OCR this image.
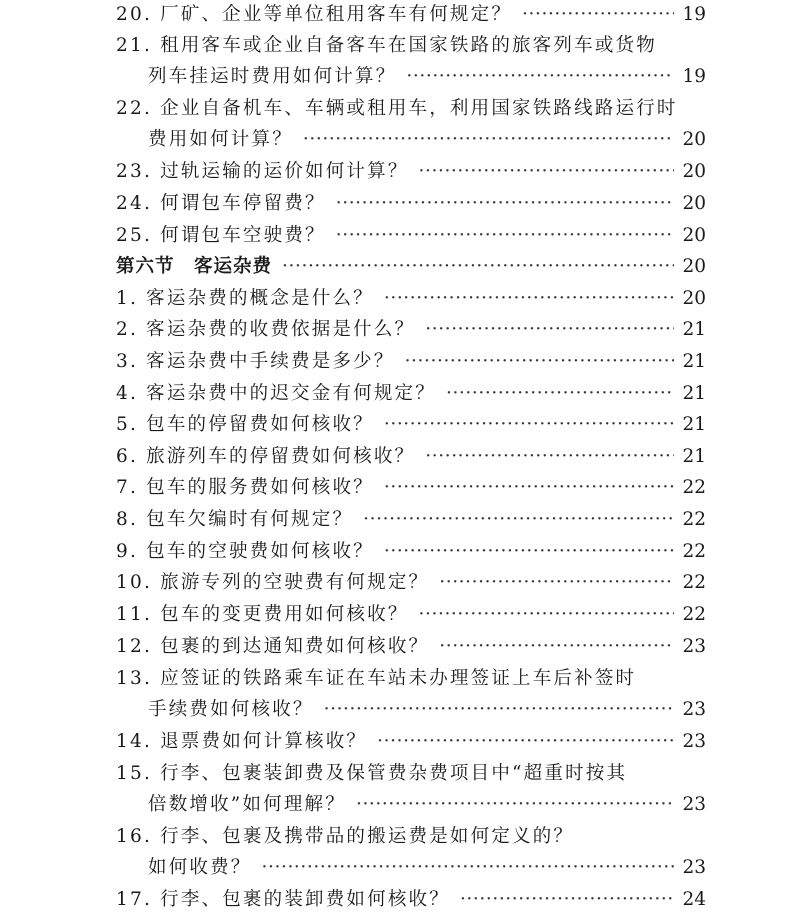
20. 厂矿、企业等单位租用客车有何规定？ ·····	19
21. 租用客车或企业自备客车在国家铁路的旅客列车或货物
列车挂运时费用如何计算？ ·····	19
22. 企业自备机车、车辆或租用车，利用国家铁路线路运行时
费用如何计算？ ·····	20
23. 过轨运输的运价如何计算？ ·····	20
24. 何谓包车停留费？ ·····	20
25. 何谓包车空驶费？ ·····	20
第六节　客运杂费 ·····	20
1. 客运杂费的概念是什么？ ·····	20
2. 客运杂费的收费依据是什么？ ·····	21
3. 客运杂费中手续费是多少？ ·····	21
4. 客运杂费中的迟交金有何规定？ ·····	21
5. 包车的停留费如何核收？ ·····	21
6. 旅游列车的停留费如何核收？ ·····	21
7. 包车的服务费如何核收？ ·····	22
8. 包车欠编时有何规定？ ·····	22
9. 包车的空驶费如何核收？ ·····	22
10. 旅游专列的空驶费有何规定？ ·····	22
11. 包车的变更费用如何核收？ ·····	22
12. 包裹的到达通知费如何核收？ ·····	23
13. 应签证的铁路乘车证在车站未办理签证上车后补签时
手续费如何核收？ ·····	23
14. 退票费如何计算核收？ ·····	23
15. 行李、包裹装卸费及保管费杂费项目中“超重时按其
倍数增收”如何理解？ ·····	23
16. 行李、包裹及携带品的搬运费是如何定义的？
如何收费？ ·····	23
17. 行李、包裹的装卸费如何核收？ ·····	24
